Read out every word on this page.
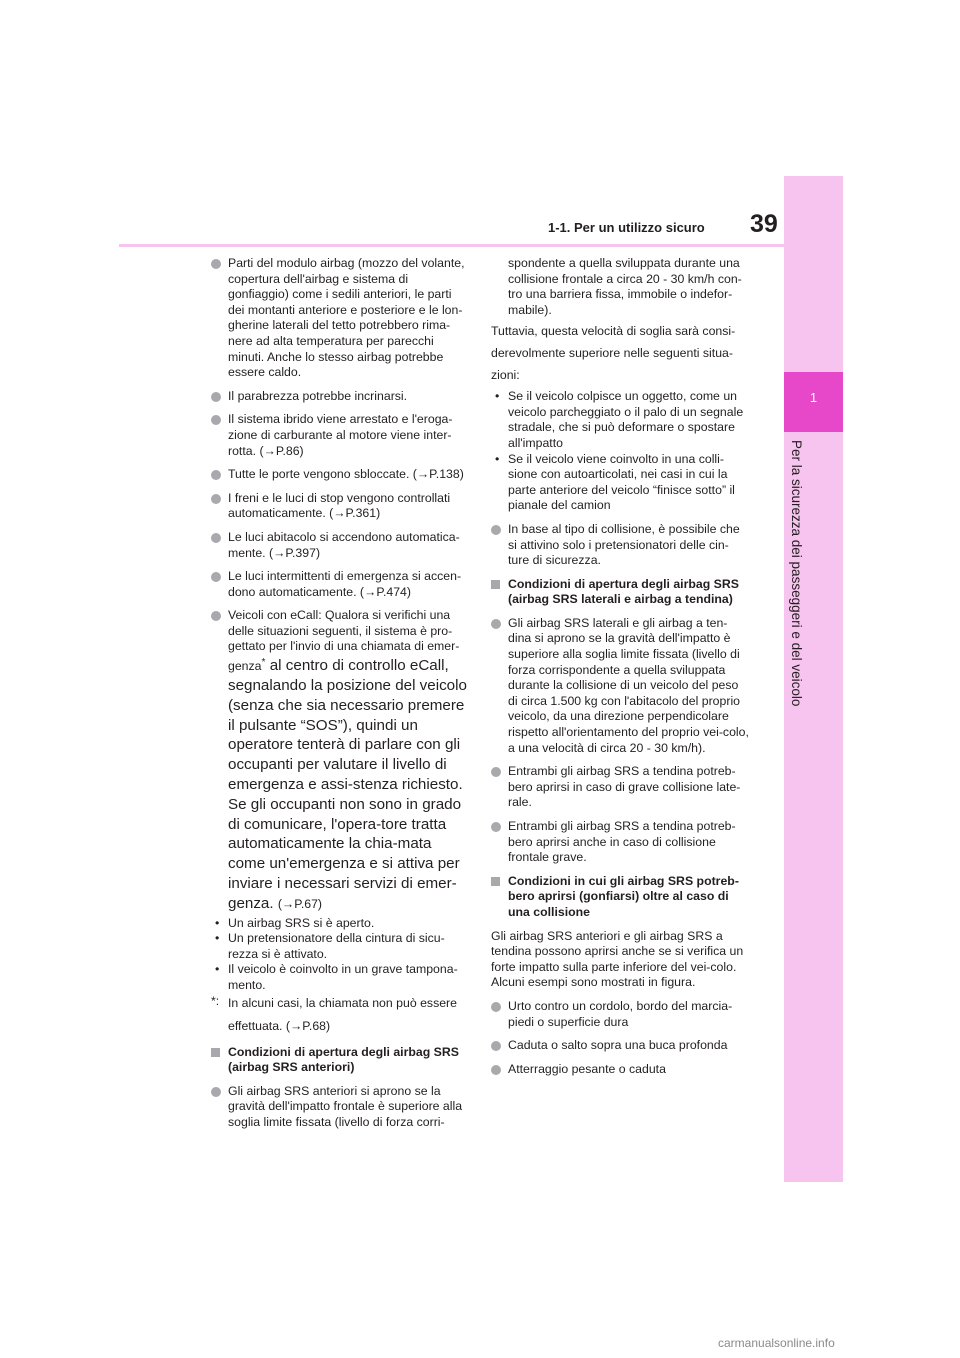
1
Per la sicurezza dei passeggeri e del veicolo
1-1. Per un utilizzo sicuro 39
Parti del modulo airbag (mozzo del volante, copertura dell'airbag e sistema di gonfiaggio) come i sedili anteriori, le parti dei montanti anteriore e posteriore e le lon-gherine laterali del tetto potrebbero rima-nere ad alta temperatura per parecchi minuti. Anche lo stesso airbag potrebbe essere caldo.
Il parabrezza potrebbe incrinarsi.
Il sistema ibrido viene arrestato e l'eroga-zione di carburante al motore viene inter-rotta. (→P.86)
Tutte le porte vengono sbloccate. (→P.138)
I freni e le luci di stop vengono controllati automaticamente. (→P.361)
Le luci abitacolo si accendono automatica-mente. (→P.397)
Le luci intermittenti di emergenza si accen-dono automaticamente. (→P.474)
Veicoli con eCall: Qualora si verifichi una delle situazioni seguenti, il sistema è pro-gettato per l'invio di una chiamata di emer-genza* al centro di controllo eCall, segnalando la posizione del veicolo (senza che sia necessario premere il pulsante “SOS”), quindi un operatore tenterà di parlare con gli occupanti per valutare il livello di emergenza e assi-stenza richiesto. Se gli occupanti non sono in grado di comunicare, l'opera-tore tratta automaticamente la chia-mata come un'emergenza e si attiva per inviare i necessari servizi di emer-genza. (→P.67)
• Un airbag SRS si è aperto.
• Un pretensionatore della cintura di sicu-rezza si è attivato.
• Il veicolo è coinvolto in un grave tampona-mento.
*: In alcuni casi, la chiamata non può essere
effettuata. (→P.68)
Condizioni di apertura degli airbag SRS (airbag SRS anteriori)
Gli airbag SRS anteriori si aprono se la gravità dell'impatto frontale è superiore alla soglia limite fissata (livello di forza corri-
spondente a quella sviluppata durante una collisione frontale a circa 20 - 30 km/h con-tro una barriera fissa, immobile o indefor-mabile).
Tuttavia, questa velocità di soglia sarà consi-
derevolmente superiore nelle seguenti situa-
zioni:
• Se il veicolo colpisce un oggetto, come un veicolo parcheggiato o il palo di un segnale stradale, che si può deformare o spostare all'impatto
• Se il veicolo viene coinvolto in una colli-sione con autoarticolati, nei casi in cui la parte anteriore del veicolo “finisce sotto” il pianale del camion
In base al tipo di collisione, è possibile che si attivino solo i pretensionatori delle cin-ture di sicurezza.
Condizioni di apertura degli airbag SRS (airbag SRS laterali e airbag a tendina)
Gli airbag SRS laterali e gli airbag a ten-dina si aprono se la gravità dell'impatto è superiore alla soglia limite fissata (livello di forza corrispondente a quella sviluppata durante la collisione di un veicolo del peso di circa 1.500 kg con l'abitacolo del proprio veicolo, da una direzione perpendicolare rispetto all'orientamento del proprio vei-colo, a una velocità di circa 20 - 30 km/h).
Entrambi gli airbag SRS a tendina potreb-bero aprirsi in caso di grave collisione late-rale.
Entrambi gli airbag SRS a tendina potreb-bero aprirsi anche in caso di collisione frontale grave.
Condizioni in cui gli airbag SRS potreb-bero aprirsi (gonfiarsi) oltre al caso di una collisione
Gli airbag SRS anteriori e gli airbag SRS a tendina possono aprirsi anche se si verifica un forte impatto sulla parte inferiore del vei-colo. Alcuni esempi sono mostrati in figura.
Urto contro un cordolo, bordo del marcia-piedi o superficie dura
Caduta o salto sopra una buca profonda
Atterraggio pesante o caduta
carmanualsonline.info
